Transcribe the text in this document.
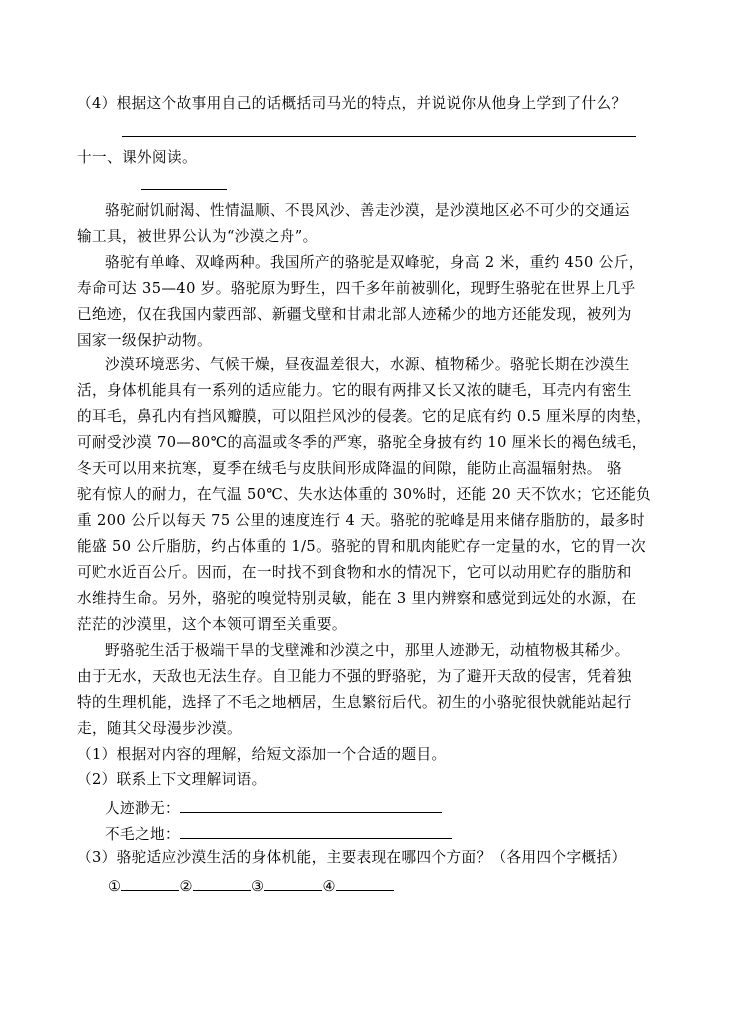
（4）根据这个故事用自己的话概括司马光的特点，并说说你从他身上学到了什么？
十一、课外阅读。
骆驼耐饥耐渴、性情温顺、不畏风沙、善走沙漠，是沙漠地区必不可少的交通运
输工具，被世界公认为“沙漠之舟”。
骆驼有单峰、双峰两种。我国所产的骆驼是双峰驼，身高 2 米，重约 450 公斤，
寿命可达 35—40 岁。骆驼原为野生，四千多年前被驯化，现野生骆驼在世界上几乎
已绝迹，仅在我国内蒙西部、新疆戈壁和甘肃北部人迹稀少的地方还能发现，被列为
国家一级保护动物。
沙漠环境恶劣、气候干燥，昼夜温差很大，水源、植物稀少。骆驼长期在沙漠生
活，身体机能具有一系列的适应能力。它的眼有两排又长又浓的睫毛，耳壳内有密生
的耳毛，鼻孔内有挡风瓣膜，可以阻拦风沙的侵袭。它的足底有约 0.5 厘米厚的肉垫，
可耐受沙漠 70—80℃的高温或冬季的严寒，骆驼全身披有约 10 厘米长的褐色绒毛，
冬天可以用来抗寒，夏季在绒毛与皮肤间形成降温的间隙，能防止高温辐射热。 骆
驼有惊人的耐力，在气温 50℃、失水达体重的 30%时，还能 20 天不饮水；它还能负
重 200 公斤以每天 75 公里的速度连行 4 天。骆驼的驼峰是用来储存脂肪的，最多时
能盛 50 公斤脂肪，约占体重的 1/5。骆驼的胃和肌肉能贮存一定量的水，它的胃一次
可贮水近百公斤。因而，在一时找不到食物和水的情况下，它可以动用贮存的脂肪和
水维持生命。另外，骆驼的嗅觉特别灵敏，能在 3 里内辨察和感觉到远处的水源，在
茫茫的沙漠里，这个本领可谓至关重要。
野骆驼生活于极端干旱的戈壁滩和沙漠之中，那里人迹渺无，动植物极其稀少。
由于无水，天敌也无法生存。自卫能力不强的野骆驼，为了避开天敌的侵害，凭着独
特的生理机能，选择了不毛之地栖居，生息繁衍后代。初生的小骆驼很快就能站起行
走，随其父母漫步沙漠。
（1）根据对内容的理解，给短文添加一个合适的题目。
（2）联系上下文理解词语。
人迹渺无：
不毛之地：
（3）骆驼适应沙漠生活的身体机能，主要表现在哪四个方面？（各用四个字概括）
①	②	③	④
